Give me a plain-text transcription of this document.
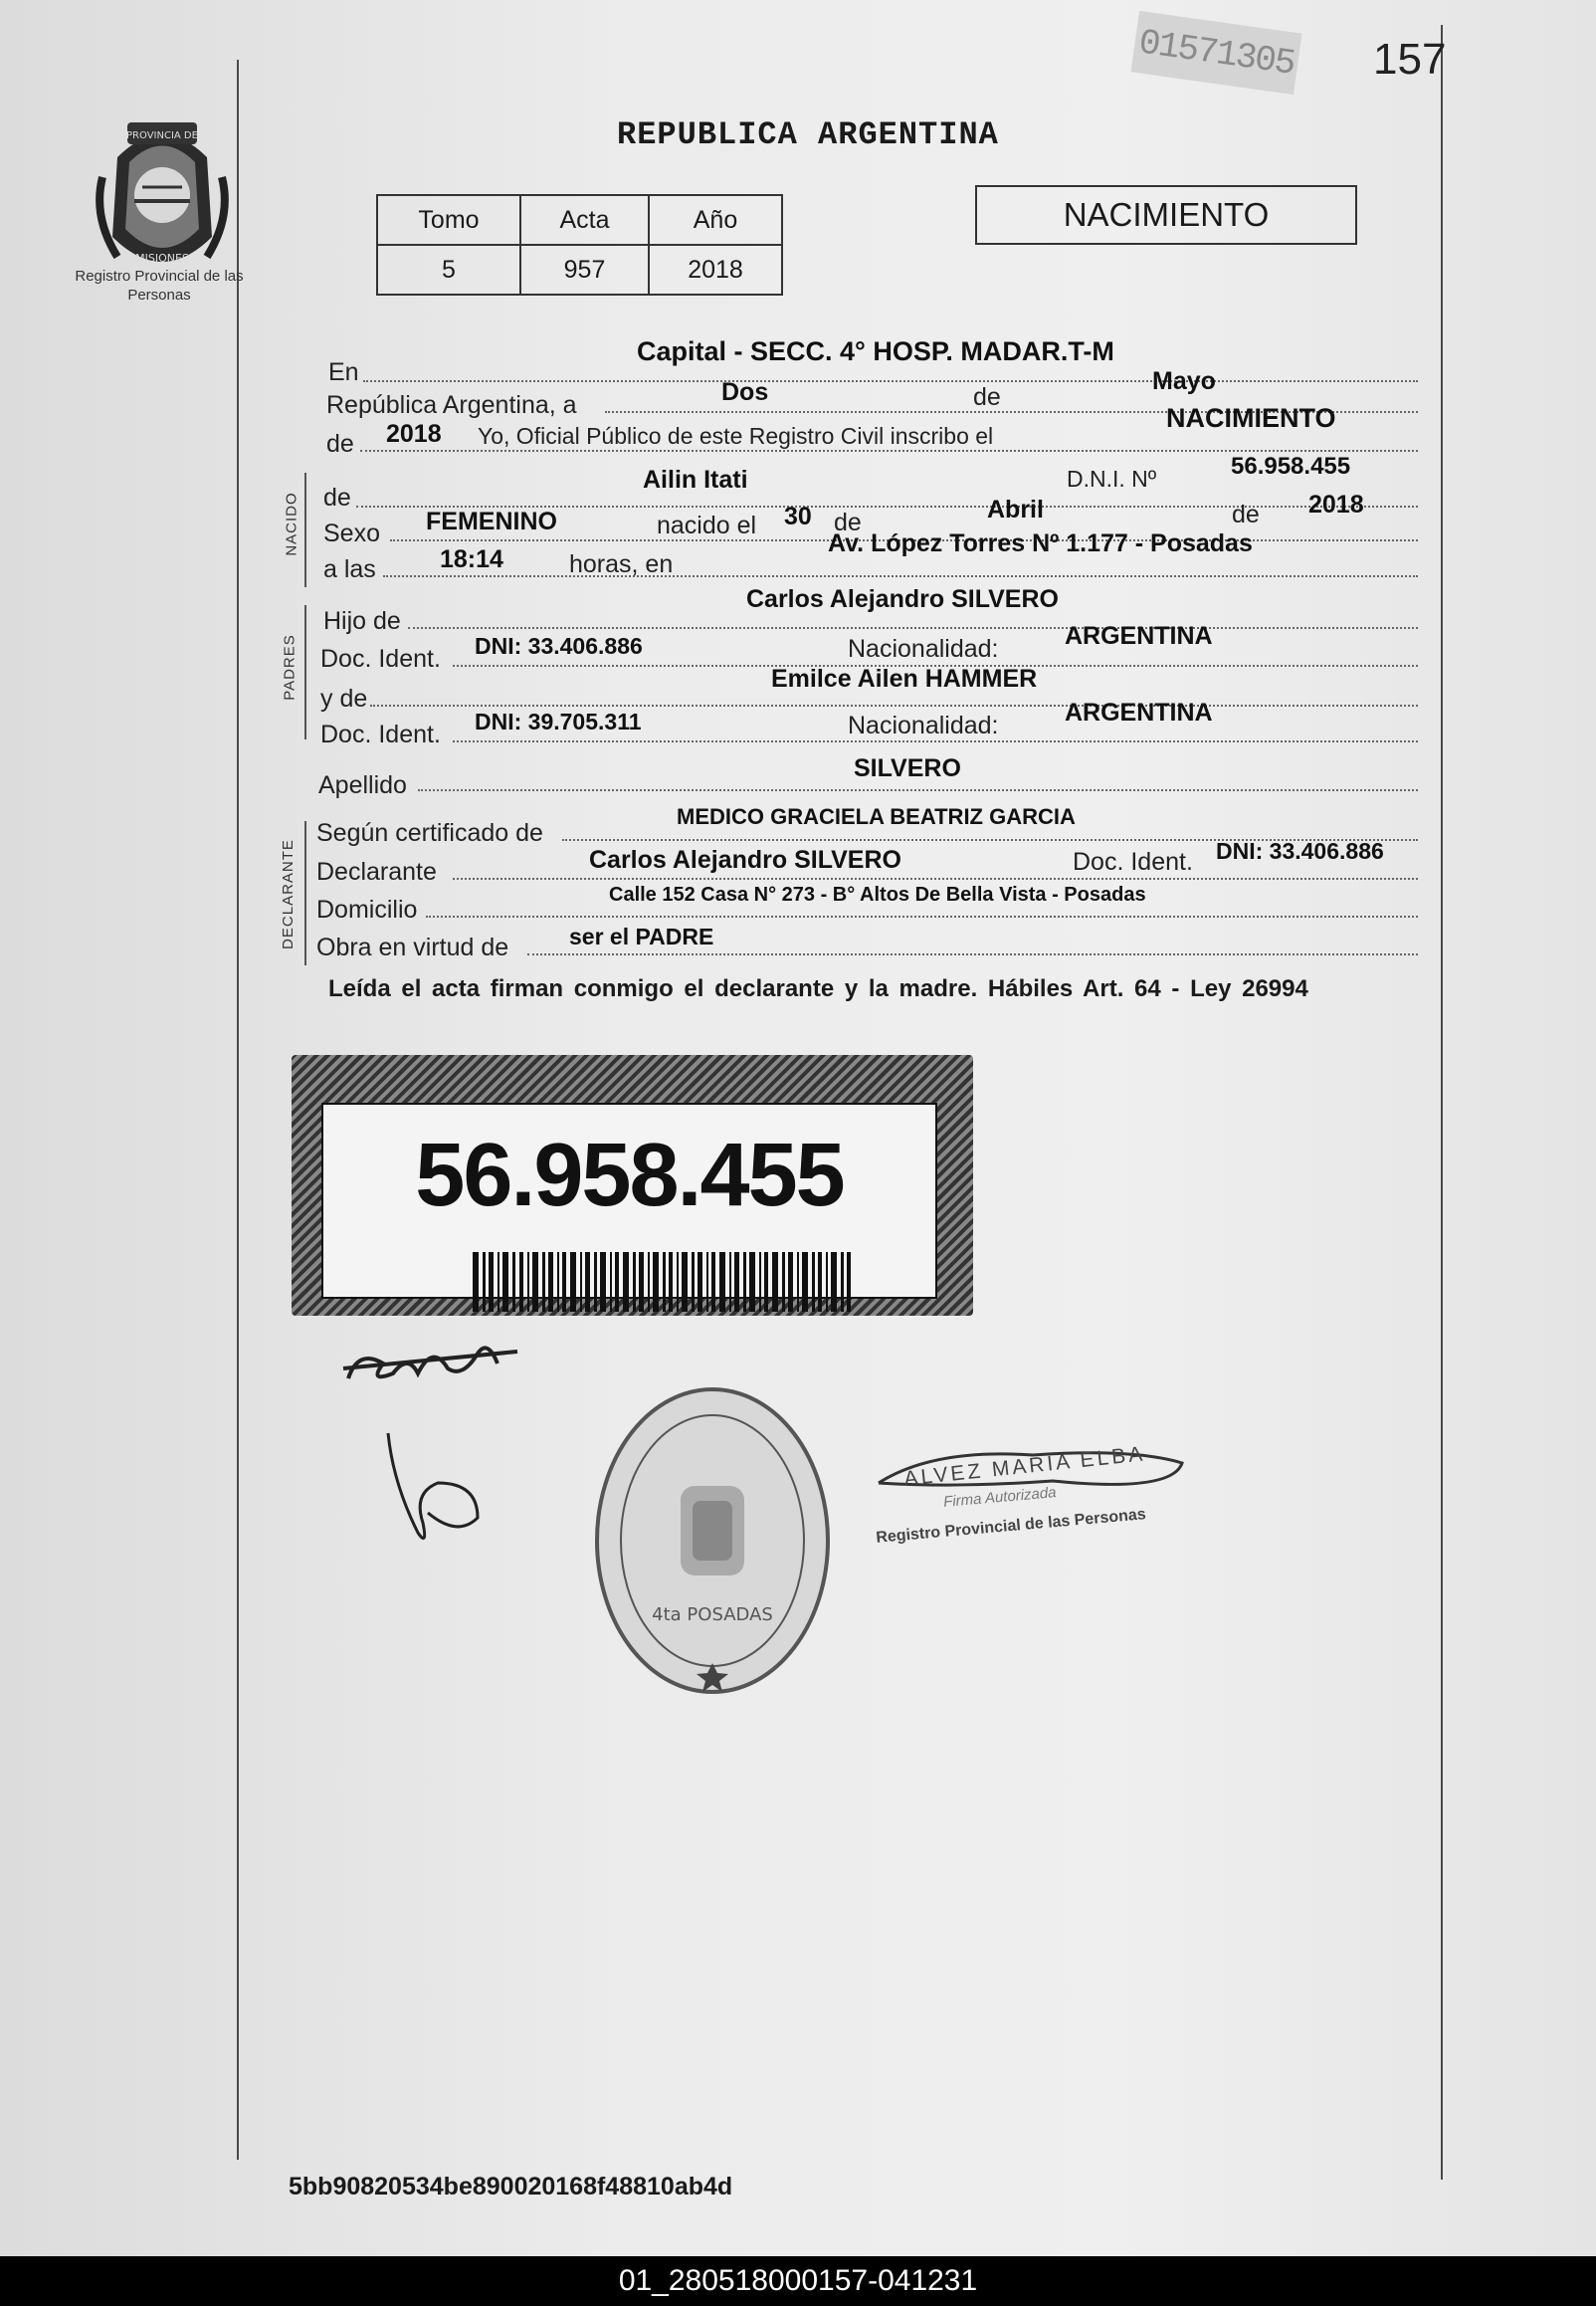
01571305 157
PROVINCIA DE
MISIONES
Registro Provincial de las Personas
REPUBLICA ARGENTINA
Tomo	Acta	Año
5	957	2018
NACIMIENTO
En
Capital - SECC. 4° HOSP. MADAR.T-M
República Argentina, a	Dos	de
Mayo
de 2018 Yo, Oficial Público de este Registro Civil inscribo el
NACIMIENTO
NACIDO de
Ailin Itati	D.N.I. Nº	56.958.455
Sexo FEMENINO	nacido el 30 de	Abril	de 2018
a las	18:14	horas, en
Av. López Torres Nº 1.177 - Posadas
PADRES
Hijo de
Carlos Alejandro SILVERO
Doc. Ident. DNI: 33.406.886	Nacionalidad:	ARGENTINA
y de
Emilce Ailen HAMMER
Doc. Ident. DNI: 39.705.311	Nacionalidad:	ARGENTINA
Apellido
SILVERO
DECLARANTE
Según certificado de
MEDICO GRACIELA BEATRIZ GARCIA
Declarante	Carlos Alejandro SILVERO	Doc. Ident. DNI: 33.406.886
Domicilio
Calle 152 Casa N° 273 - B° Altos De Bella Vista - Posadas
Obra en virtud de	ser el PADRE
Leída el acta firman conmigo el declarante y la madre. Hábiles Art. 64 - Ley 26994
56.958.455
4ta POSADAS
ALVEZ MARIA ELBA
Firma Autorizada
Registro Provincial de las Personas
5bb90820534be890020168f48810ab4d
01_280518000157-041231
